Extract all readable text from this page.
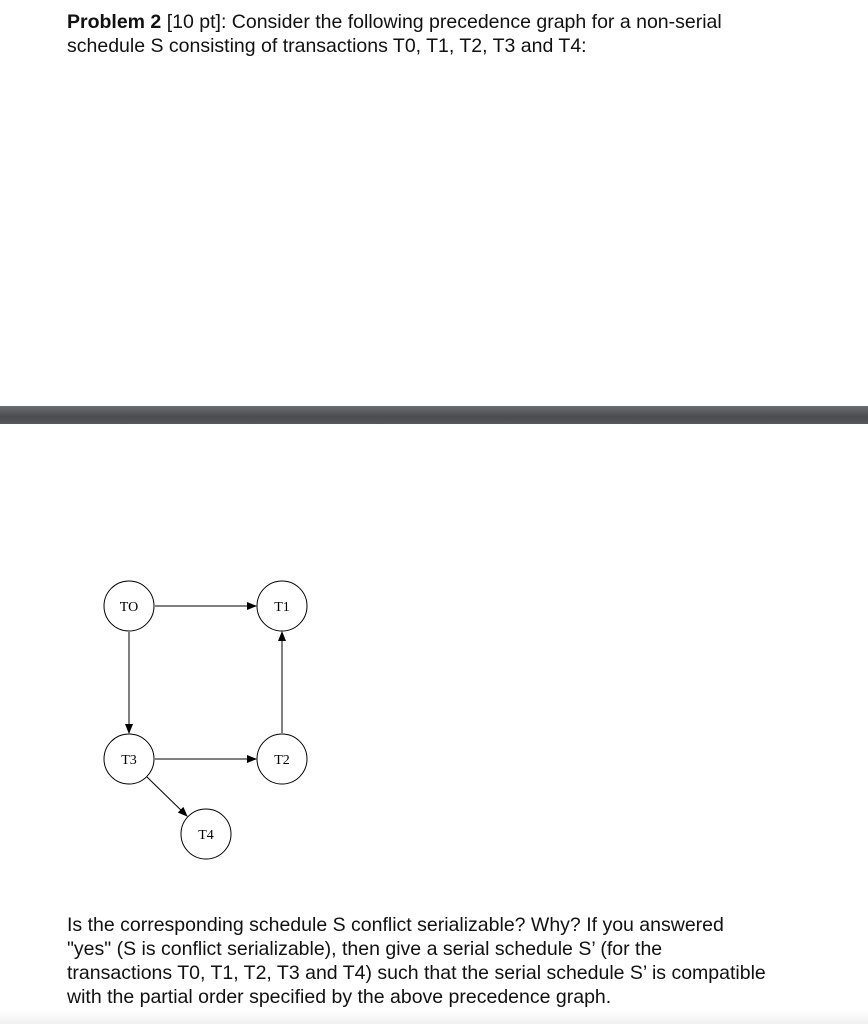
Problem 2 [10 pt]: Consider the following precedence graph for a non-serial
schedule S consisting of transactions T0, T1, T2, T3 and T4:
TO	T1
T3	T2
T4
Is the corresponding schedule S conflict serializable? Why? If you answered
"yes" (S is conflict serializable), then give a serial schedule S’ (for the
transactions T0, T1, T2, T3 and T4) such that the serial schedule S’ is compatible
with the partial order specified by the above precedence graph.
